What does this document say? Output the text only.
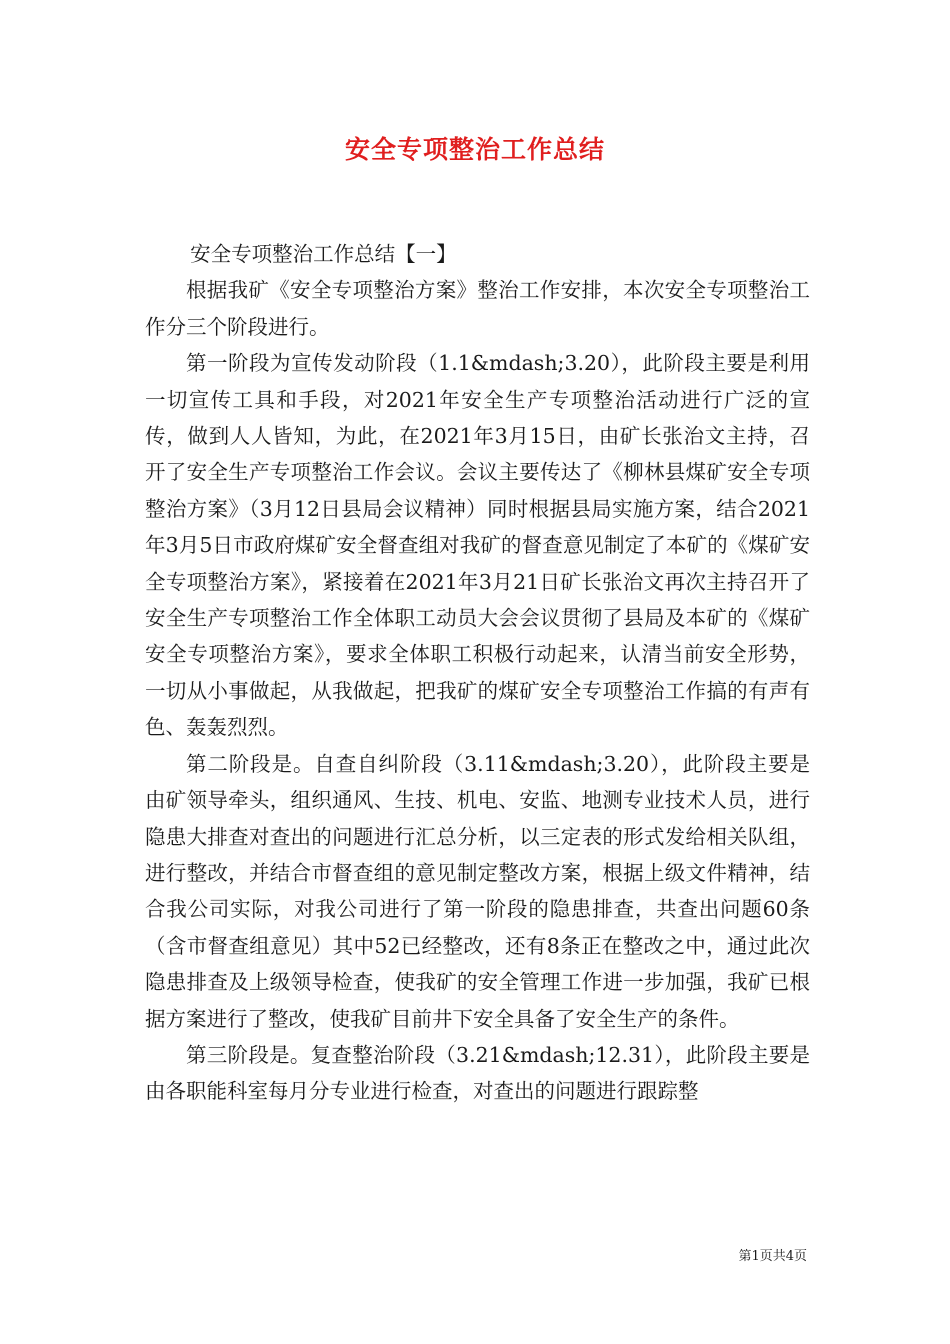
安全专项整治工作总结

安全专项整治工作总结【一】

根据我矿《安全专项整治方案》整治工作安排，本次安全专项整治工作分三个阶段进行。

第一阶段为宣传发动阶段（1.1&mdash;3.20），此阶段主要是利用一切宣传工具和手段，对2021年安全生产专项整治活动进行广泛的宣传，做到人人皆知，为此，在2021年3月15日，由矿长张治文主持，召开了安全生产专项整治工作会议。会议主要传达了《柳林县煤矿安全专项整治方案》（3月12日县局会议精神）同时根据县局实施方案，结合2021年3月5日市政府煤矿安全督查组对我矿的督查意见制定了本矿的《煤矿安全专项整治方案》，紧接着在2021年3月21日矿长张治文再次主持召开了安全生产专项整治工作全体职工动员大会会议贯彻了县局及本矿的《煤矿安全专项整治方案》，要求全体职工积极行动起来，认清当前安全形势，一切从小事做起，从我做起，把我矿的煤矿安全专项整治工作搞的有声有色、轰轰烈烈。

第二阶段是。自查自纠阶段（3.11&mdash;3.20），此阶段主要是由矿领导牵头，组织通风、生技、机电、安监、地测专业技术人员，进行隐患大排查对查出的问题进行汇总分析，以三定表的形式发给相关队组，进行整改，并结合市督查组的意见制定整改方案，根据上级文件精神，结合我公司实际，对我公司进行了第一阶段的隐患排查，共查出问题60条（含市督查组意见）其中52已经整改，还有8条正在整改之中，通过此次隐患排查及上级领导检查，使我矿的安全管理工作进一步加强，我矿已根据方案进行了整改，使我矿目前井下安全具备了安全生产的条件。

第三阶段是。复查整治阶段（3.21&mdash;12.31），此阶段主要是由各职能科室每月分专业进行检查，对查出的问题进行跟踪整

第1页共4页
